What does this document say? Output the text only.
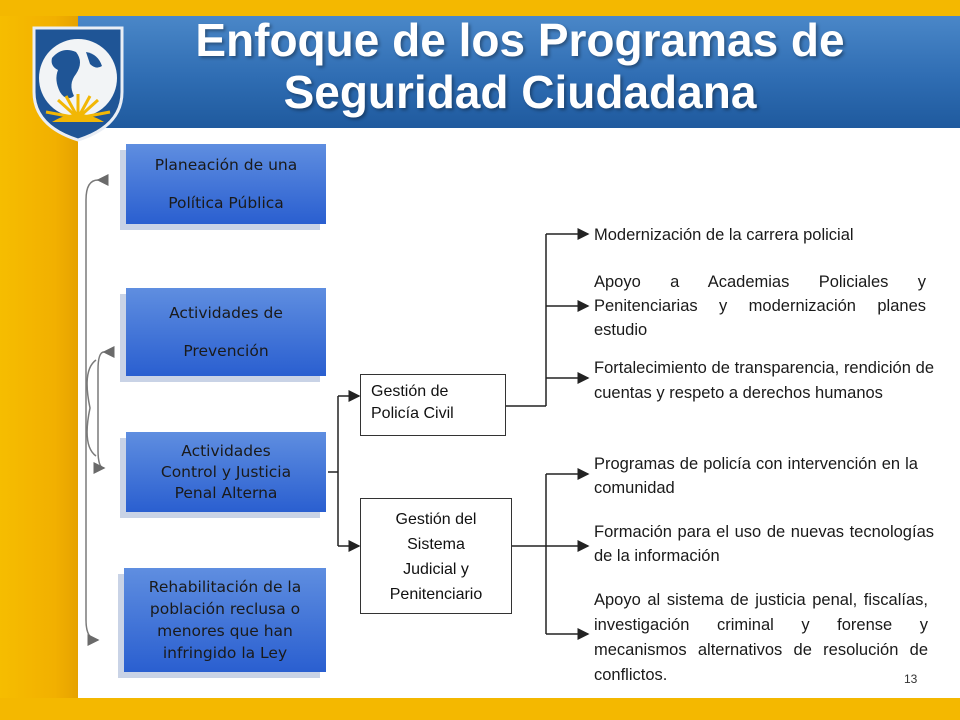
Enfoque de los Programas de
Seguridad Ciudadana
Planeación de una
Política Pública
Actividades de
Prevención
Actividades
Control y Justicia
Penal Alterna
Rehabilitación de la
población reclusa o
menores que han
infringido la Ley
Gestión de
Policía Civil
Gestión del
Sistema
Judicial y
Penitenciario
Modernización de la carrera policial
Apoyo a Academias Policiales y Penitenciarias y modernización planes estudio
Fortalecimiento de transparencia, rendición de cuentas y respeto a derechos humanos
Programas de policía con intervención en la comunidad
Formación para el uso de nuevas tecnologías de la información
Apoyo al sistema de justicia penal, fiscalías, investigación criminal y forense y mecanismos alternativos de resolución de conflictos.	13
